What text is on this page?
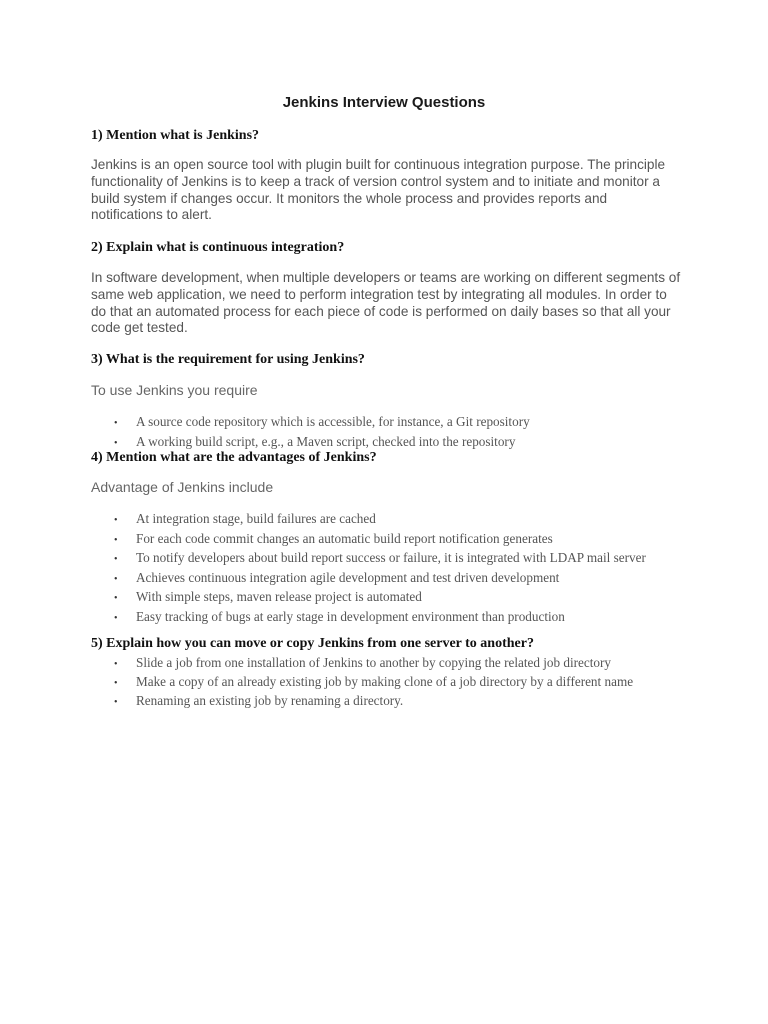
Jenkins Interview Questions
1) Mention what is Jenkins?
Jenkins is an open source tool with plugin built for continuous integration purpose. The principle functionality of Jenkins is to keep a track of version control system and to initiate and monitor a build system if changes occur. It monitors the whole process and provides reports and notifications to alert.
2) Explain what is continuous integration?
In software development, when multiple developers or teams are working on different segments of same web application, we need to perform integration test by integrating all modules. In order to do that an automated process for each piece of code is performed on daily bases so that all your code get tested.
3) What is the requirement for using Jenkins?
To use Jenkins you require
• A source code repository which is accessible, for instance, a Git repository
• A working build script, e.g., a Maven script, checked into the repository
4) Mention what are the advantages of Jenkins?
Advantage of Jenkins include
• At integration stage, build failures are cached
• For each code commit changes an automatic build report notification generates
• To notify developers about build report success or failure, it is integrated with LDAP mail server
• Achieves continuous integration agile development and test driven development
• With simple steps, maven release project is automated
• Easy tracking of bugs at early stage in development environment than production
5) Explain how you can move or copy Jenkins from one server to another?
• Slide a job from one installation of Jenkins to another by copying the related job directory
• Make a copy of an already existing job by making clone of a job directory by a different name
• Renaming an existing job by renaming a directory.
